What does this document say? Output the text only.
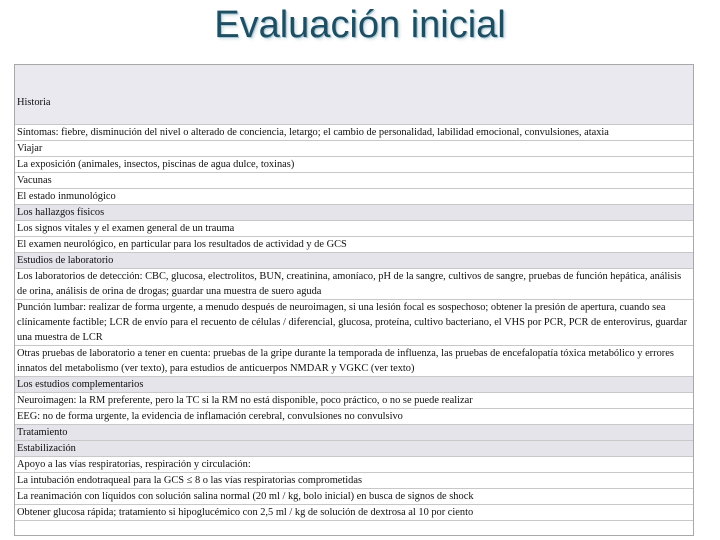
Evaluación inicial
Historia
Síntomas: fiebre, disminución del nivel o alterado de conciencia, letargo; el cambio de personalidad, labilidad emocional, convulsiones, ataxia
Viajar
La exposición (animales, insectos, piscinas de agua dulce, toxinas)
Vacunas
El estado inmunológico
Los hallazgos físicos
Los signos vitales y el examen general de un trauma
El examen neurológico, en particular para los resultados de actividad y de GCS
Estudios de laboratorio
Los laboratorios de detección: CBC, glucosa, electrolitos, BUN, creatinina, amoníaco, pH de la sangre, cultivos de sangre, pruebas de función hepática, análisis de orina, análisis de orina de drogas; guardar una muestra de suero aguda
Punción lumbar: realizar de forma urgente, a menudo después de neuroimagen, si una lesión focal es sospechoso; obtener la presión de apertura, cuando sea clínicamente factible; LCR de envío para el recuento de células / diferencial, glucosa, proteína, cultivo bacteriano, el VHS por PCR, PCR de enterovirus, guardar una muestra de LCR
Otras pruebas de laboratorio a tener en cuenta: pruebas de la gripe durante la temporada de influenza, las pruebas de encefalopatía tóxica metabólico y errores innatos del metabolismo (ver texto), para estudios de anticuerpos NMDAR y VGKC (ver texto)
Los estudios complementarios
Neuroimagen: la RM preferente, pero la TC si la RM no está disponible, poco práctico, o no se puede realizar
EEG: no de forma urgente, la evidencia de inflamación cerebral, convulsiones no convulsivo
Tratamiento
Estabilización
Apoyo a las vías respiratorias, respiración y circulación:
La intubación endotraqueal para la GCS ≤ 8 o las vías respiratorias comprometidas
La reanimación con líquidos con solución salina normal (20 ml / kg, bolo inicial) en busca de signos de shock
Obtener glucosa rápida; tratamiento si hipoglucémico con 2,5 ml / kg de solución de dextrosa al 10 por ciento
